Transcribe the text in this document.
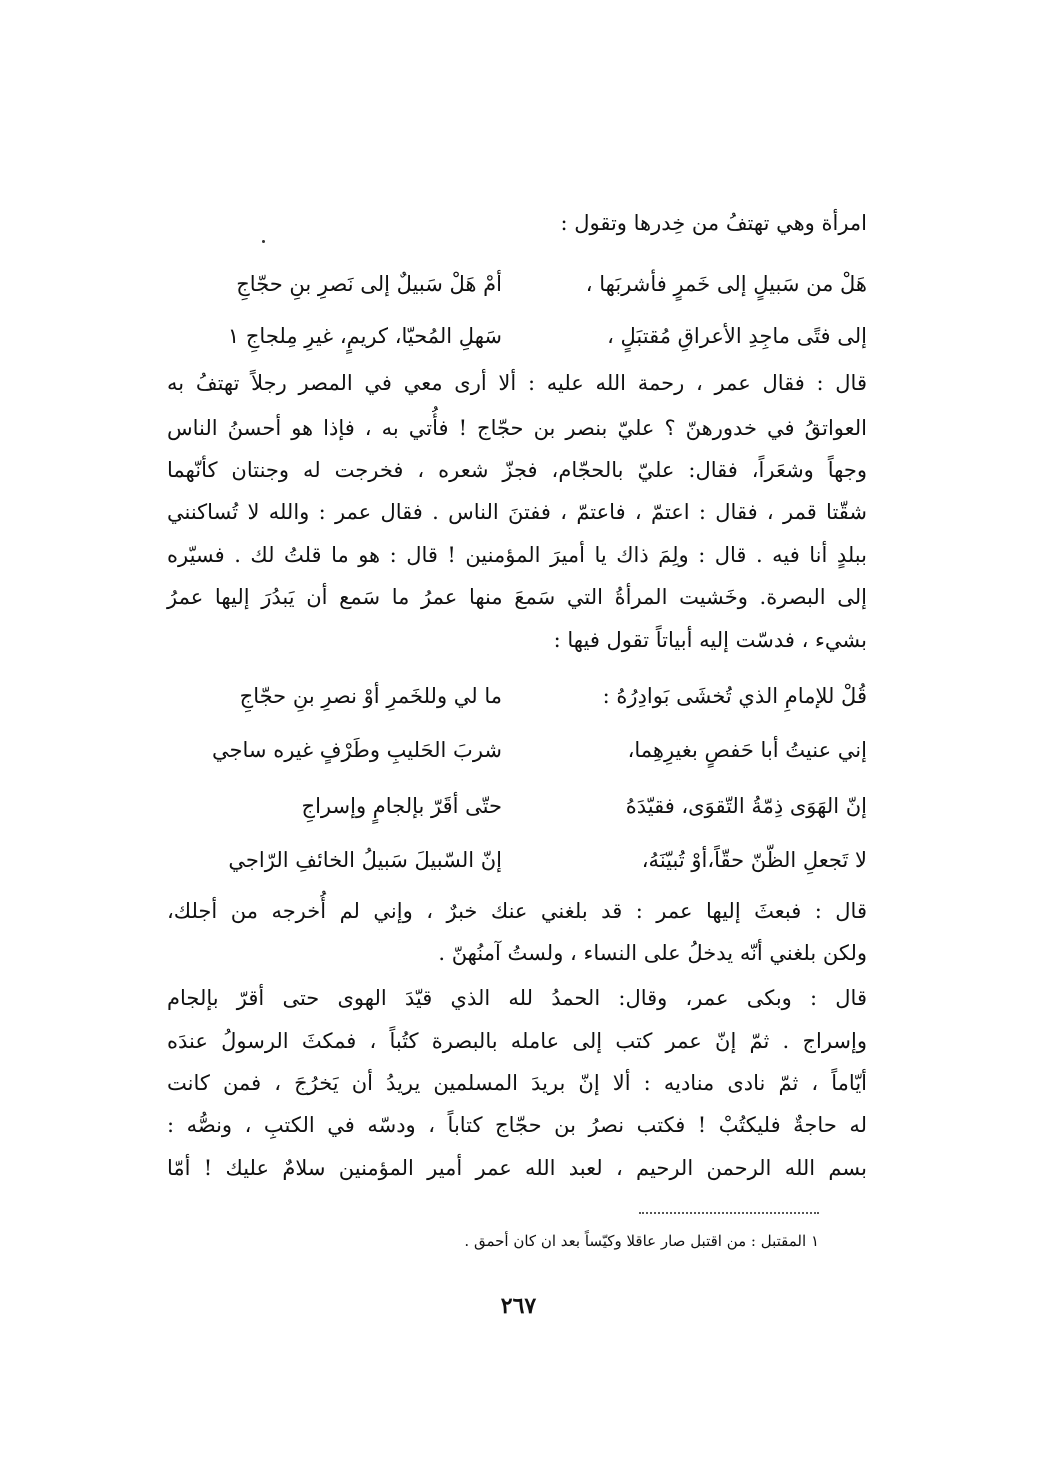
امرأة وهي تهتفُ من خِدرها وتقول :
هَلْ من سَبيلٍ إلى خَمرٍ فأشربَها ،
أمْ هَلْ سَبيلٌ إلى نَصرِ بنِ حجّاجِ
إلى فتًى ماجِدِ الأعراقِ مُقتبَلٍ ،
سَهلِ المُحيّا، كريمٍ، غيرِ مِلجاجِ ١
قال : فقال عمر ، رحمة الله عليه : ألا أرى معي في المصر رجلاً تهتفُ به
العواتقُ في خدورهنّ ؟ عليّ بنصر بن حجّاج ! فأُتي به ، فإذا هو أحسنُ الناس
وجهاً وشعَراً، فقال: عليّ بالحجّام، فجزّ شعره ، فخرجت له وجنتان كأنّهما
شقّتا قمر ، فقال : اعتمّ ، فاعتمّ ، ففتنَ الناس . فقال عمر : والله لا تُساكنني
ببلدٍ أنا فيه . قال : ولِمَ ذاك يا أميرَ المؤمنين ! قال : هو ما قلتُ لك . فسيّره
إلى البصرة. وخَشيت المرأةُ التي سَمعَ منها عمرُ ما سَمع أن يَبدُرَ إليها عمرُ
بشيء ، فدسّت إليه أبياتاً تقول فيها :
قُلْ للإمامِ الذي تُخشَى بَوادِرُهُ :
ما لي وللخَمرِ أوْ نصرِ بنِ حجّاجِ
إني عنيتُ أبا حَفصٍ بغيرِهِما،
شربَ الحَليبِ وطَرْفٍ غيره ساجي
إنّ الهَوَى ذِمّةُ التّقوَى، فقيّدَهُ
حتّى أقَرّ بإلجامٍ وإسراجِ
لا تَجعلِ الظّنّ حقّاً،أوْ تُبيّنَهُ،
إنّ السّبيلَ سَبيلُ الخائفِ الرّاجي
قال : فبعثَ إليها عمر : قد بلغني عنك خبرٌ ، وإني لم أُخرجه من أجلك،
ولكن بلغني أنّه يدخلُ على النساء ، ولستُ آمنُهنّ .
قال : وبكى عمر، وقال: الحمدُ لله الذي قيّدَ الهوى حتى أقرّ بإلجام
وإسراج . ثمّ إنّ عمر كتب إلى عامله بالبصرة كتُباً ، فمكثَ الرسولُ عندَه
أيّاماً ، ثمّ نادى مناديه : ألا إنّ بريدَ المسلمين يريدُ أن يَخرُجَ ، فمن كانت
له حاجةٌ فليكتُبْ ! فكتب نصرُ بن حجّاج كتاباً ، ودسّه في الكتبِ ، ونصُّه :
بسم الله الرحمن الرحيم ، لعبد الله عمر أمير المؤمنين سلامٌ عليك ! أمّا
١ المقتبل : من اقتبل صار عاقلا وكيّساً بعد ان كان أحمق .
٢٦٧
